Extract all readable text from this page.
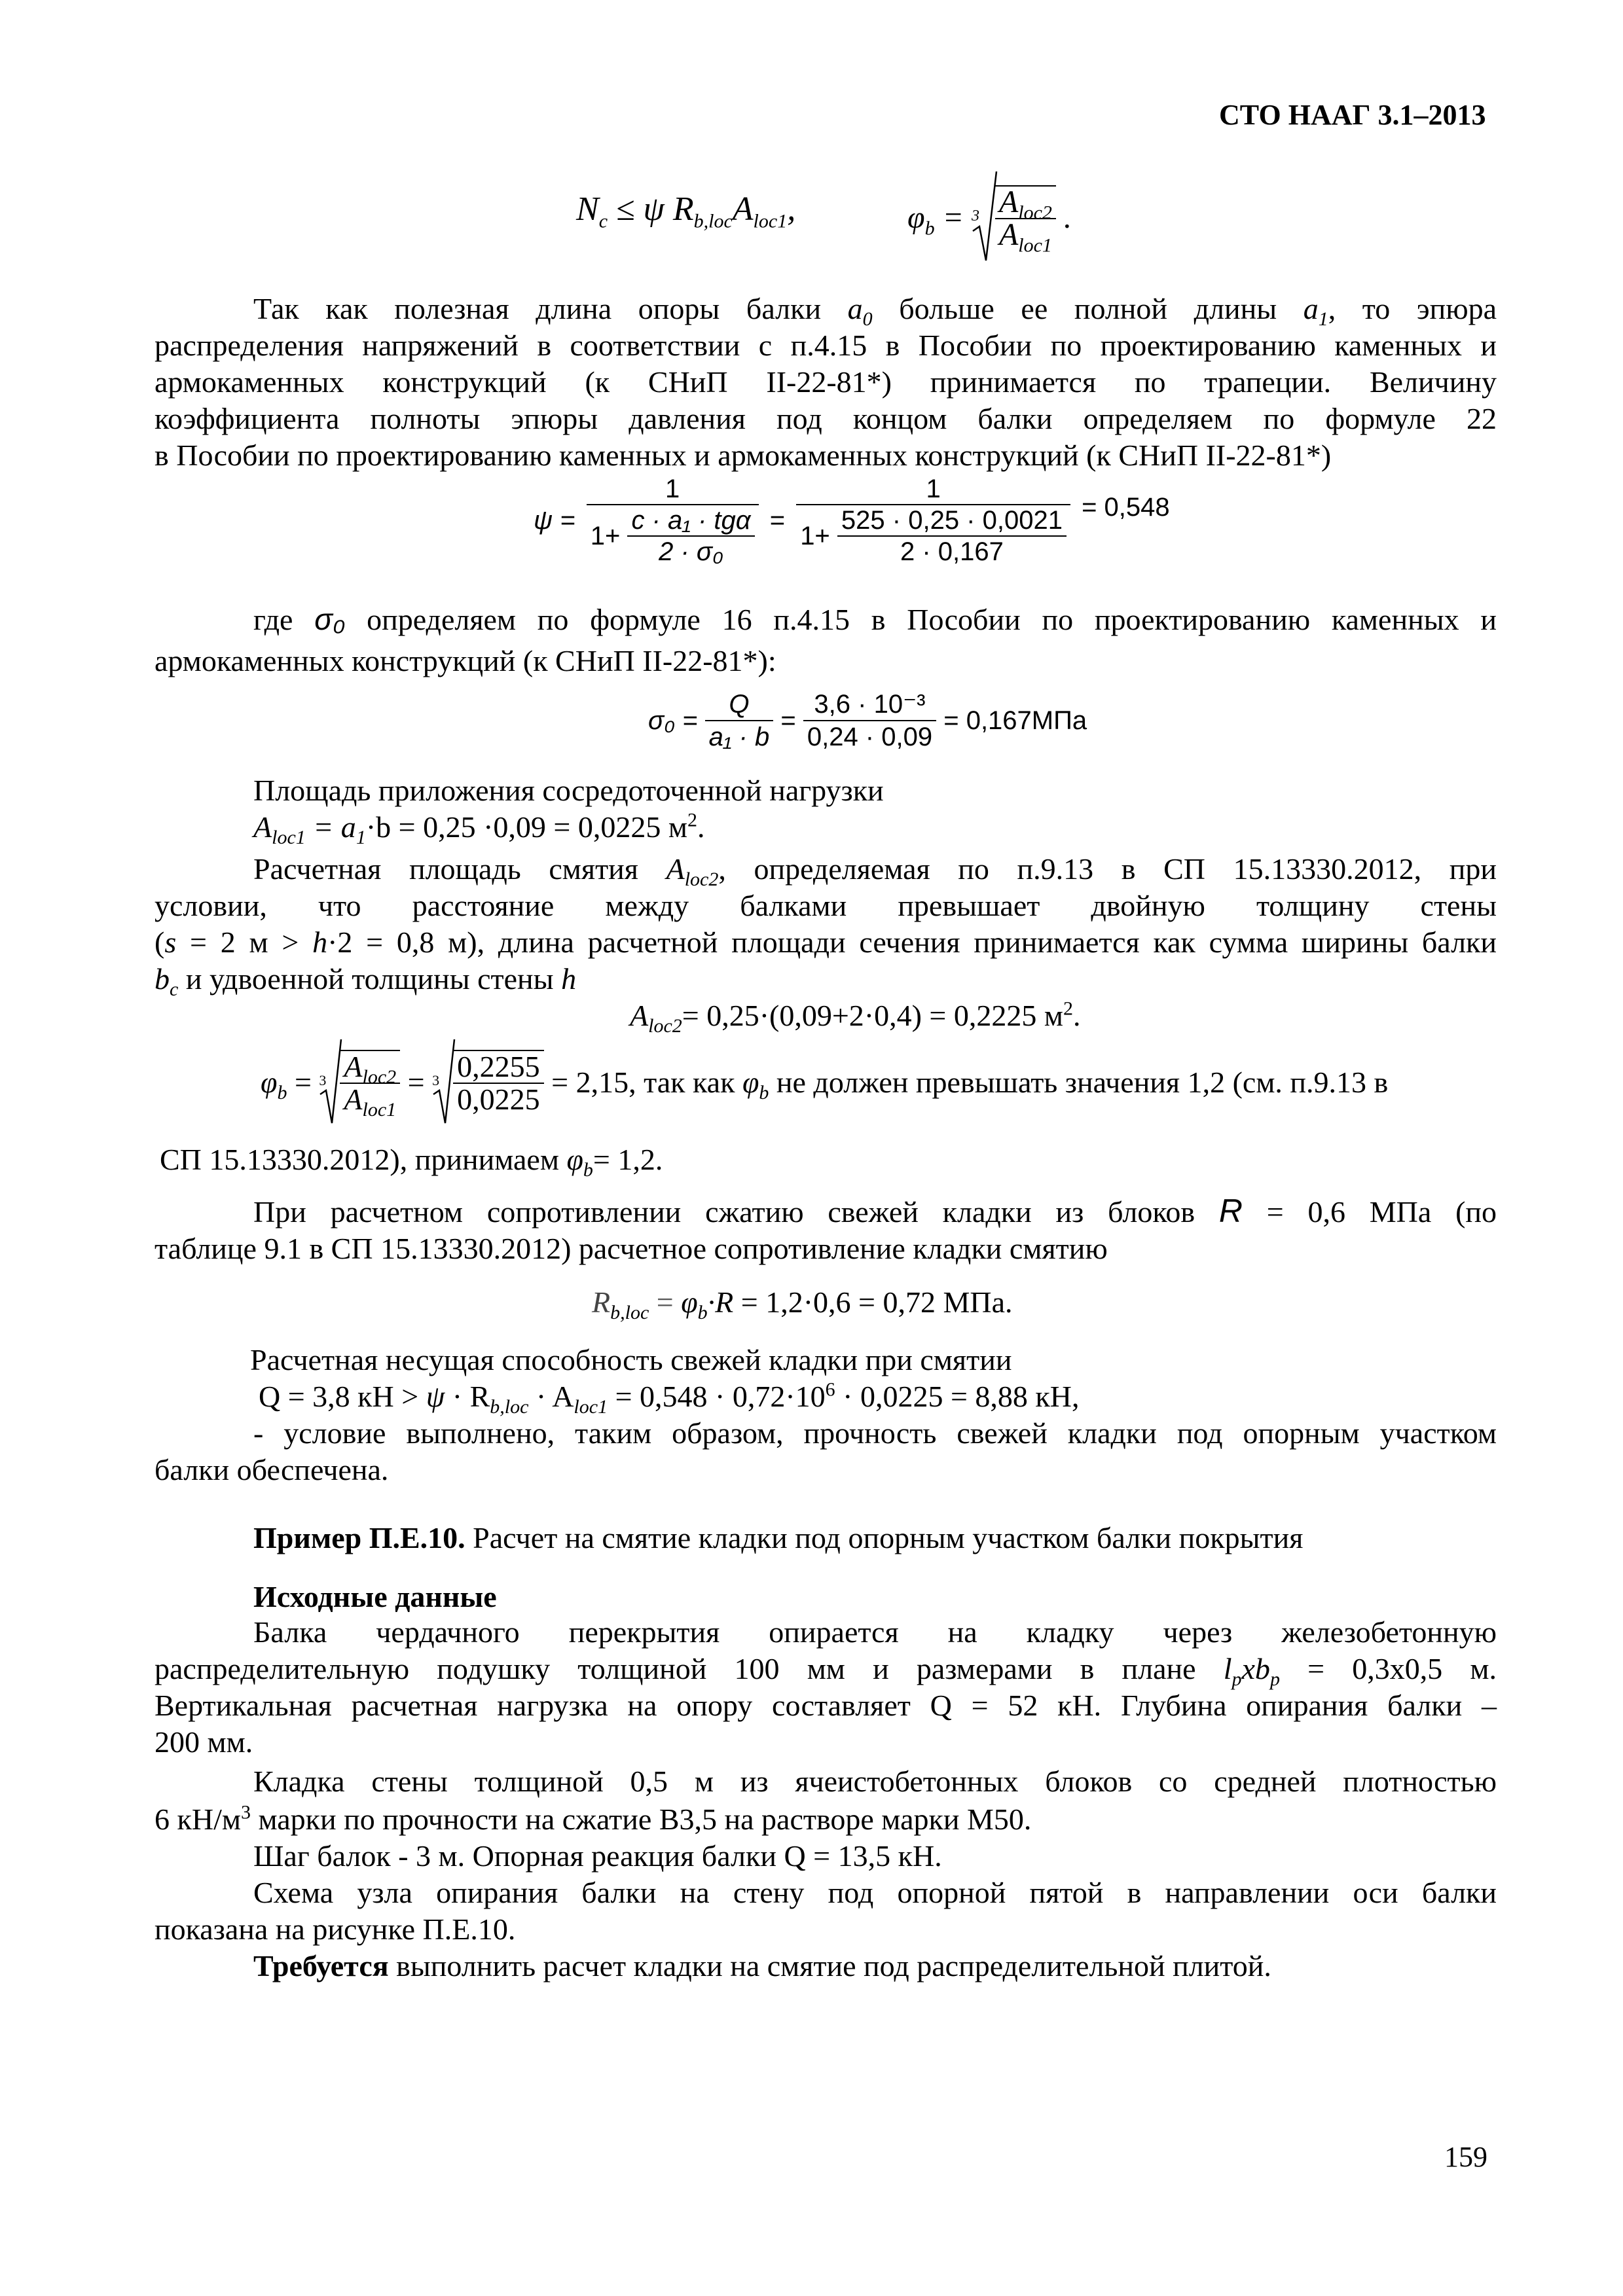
СТО НААГ 3.1–2013
$N_c \le \psi$ $R_{b,loc}A_{loc1}$,	$\varphi_b = 3 \frac{A_{loc2}}{A_{loc1}}$ .
Так как полезная длина опоры балки $a_0$ больше ее полной длины $a_1$, то эпюра
распределения напряжений в соответствии с п.4.15 в Пособии по проектированию каменных и
армокаменных конструкций (к СНиП II-22-81*) принимается по трапеции. Величину
коэффициента полноты эпюры давления под концом балки определяем по формуле 22
в Пособии по проектированию каменных и армокаменных конструкций (к СНиП II-22-81*)
$\psi = \frac{1}{1+ \frac{\text{c · a₁ · tgα}}{\text{2 · σ₀}}} = \frac{1}{1+ \frac{525 \cdot 0,25 \cdot 0,0021}{2 \cdot 0,167}} = 0,548$
где σ₀ определяем по формуле 16 п.4.15 в Пособии по проектированию каменных и
армокаменных конструкций (к СНиП II-22-81*):
$\sigma_0 = \frac{Q}{\text{a₁ · b}} = \frac{\text{3,6 · 10⁻³}}{0,24 \cdot 0,09} = 0,167МПа$
Площадь приложения сосредоточенной нагрузки
$A_{loc1} = a_1\cdot b = 0,25 \cdot 0,09 = 0,0225$ $м^2$.
Расчетная площадь смятия $A_{loc2}$, определяемая по п.9.13 в СП 15.13330.2012, при
условии, что расстояние между балками превышает двойную толщину стены
(s = 2 м > h·2 = 0,8 м), длина расчетной площади сечения принимается как сумма ширины балки
$b_c$ и удвоенной толщины стены h
$A_{loc2}= 0,25\cdot(0,09+2\cdot 0,4) = 0,2225$ $м^2$.
$\varphi_b = 3 \frac{A_{loc2}}{A_{loc1}} = 3 \frac{0,2255}{0,0225} = 2,15$, так как $\varphi_b$ не должен превышать значения 1,2 (см. п.9.13 в
СП 15.13330.2012), принимаем $\varphi_b= 1,2$.
При расчетном сопротивлении сжатию свежей кладки из блоков R = 0,6 МПа (по
таблице 9.1 в СП 15.13330.2012) расчетное сопротивление кладки смятию
$R_{b,loc} = \varphi_b\cdot R = 1,2\cdot 0,6 = 0,72$ МПа.
Расчетная несущая способность свежей кладки при смятии
Q = 3,8 кН > $\psi \cdot R_{b,loc} \cdot A_{loc1} = 0,548 \cdot 0,72\cdot 10^6 \cdot 0,0225 = 8,88$ кН,
- условие выполнено, таким образом, прочность свежей кладки под опорным участком
балки обеспечена.
Пример П.Е.10. Расчет на смятие кладки под опорным участком балки покрытия
Исходные данные
Балка чердачного перекрытия опирается на кладку через железобетонную
распределительную подушку толщиной 100 мм и размерами в плане $l_pxb_p = 0,3х0,5$ м.
Вертикальная расчетная нагрузка на опору составляет Q = 52 кН. Глубина опирания балки –
200 мм.
Кладка стены толщиной 0,5 м из ячеистобетонных блоков со средней плотностью
6 $кН/м^3$ марки по прочности на сжатие В3,5 на растворе марки М50.
Шаг балок - 3 м. Опорная реакция балки Q = 13,5 кН.
Схема узла опирания балки на стену под опорной пятой в направлении оси балки
показана на рисунке П.Е.10.
Требуется выполнить расчет кладки на смятие под распределительной плитой.
159
